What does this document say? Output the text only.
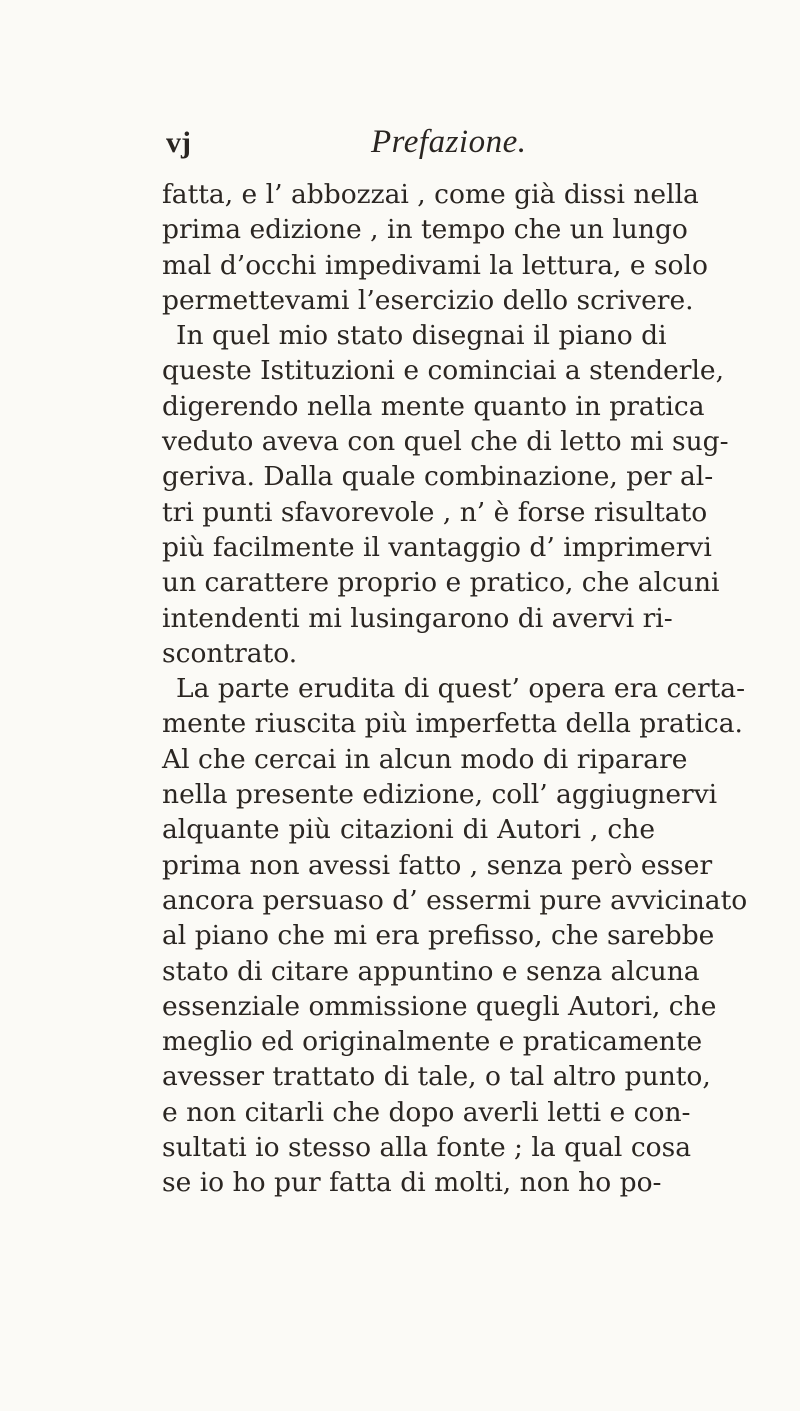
vj	Prefazione.
fatta, e l’ abbozzai , come già dissi nella
prima edizione , in tempo che un lungo
mal d’occhi impedivami la lettura, e solo
permettevami l’esercizio dello scrivere.
In quel mio stato disegnai il piano di
queste Istituzioni e cominciai a stenderle,
digerendo nella mente quanto in pratica
veduto aveva con quel che di letto mi sug-
geriva. Dalla quale combinazione, per al-
tri punti sfavorevole , n’ è forse risultato
più facilmente il vantaggio d’ imprimervi
un carattere proprio e pratico, che alcuni
intendenti mi lusingarono di avervi ri-
scontrato.
La parte erudita di quest’ opera era certa-
mente riuscita più imperfetta della pratica.
Al che cercai in alcun modo di riparare
nella presente edizione, coll’ aggiugnervi
alquante più citazioni di Autori , che
prima non avessi fatto , senza però esser
ancora persuaso d’ essermi pure avvicinato
al piano che mi era prefisso, che sarebbe
stato di citare appuntino e senza alcuna
essenziale ommissione quegli Autori, che
meglio ed originalmente e praticamente
avesser trattato di tale, o tal altro punto,
e non citarli che dopo averli letti e con-
sultati io stesso alla fonte ; la qual cosa
se io ho pur fatta di molti, non ho po-
